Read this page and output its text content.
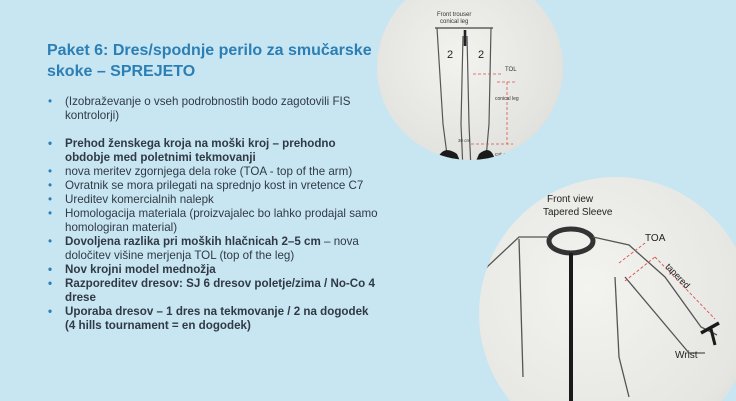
Paket 6: Dres/spodnje perilo za smučarske skoke – SPREJETO
• (Izobraževanje o vseh podrobnostih bodo zagotovili FIS kontrolorji)
• Prehod ženskega kroja na moški kroj – prehodno obdobje med poletnimi tekmovanji
• nova meritev zgornjega dela roke (TOA - top of the arm)
• Ovratnik se mora prilegati na sprednjo kost in vretence C7
• Ureditev komercialnih nalepk
• Homologacija materiala (proizvajalec bo lahko prodajal samo homologiran material)
• Dovoljena razlika pri moških hlačnicah 2–5 cm – nova določitev višine merjenja TOL (top of the leg)
• Nov krojni model mednožja
• Razporeditev dresov: SJ 6 dresov poletje/zima / No-Co 4 drese
• Uporaba dresov – 1 dres na tekmovanje / 2 na dogodek (4 hills tournament = en dogodek)
Front trouser
conical leg
2 2
TOL
conical leg
cut-out
30 cm
Front view
Tapered Sleeve
TOA
tapered
Wrist
